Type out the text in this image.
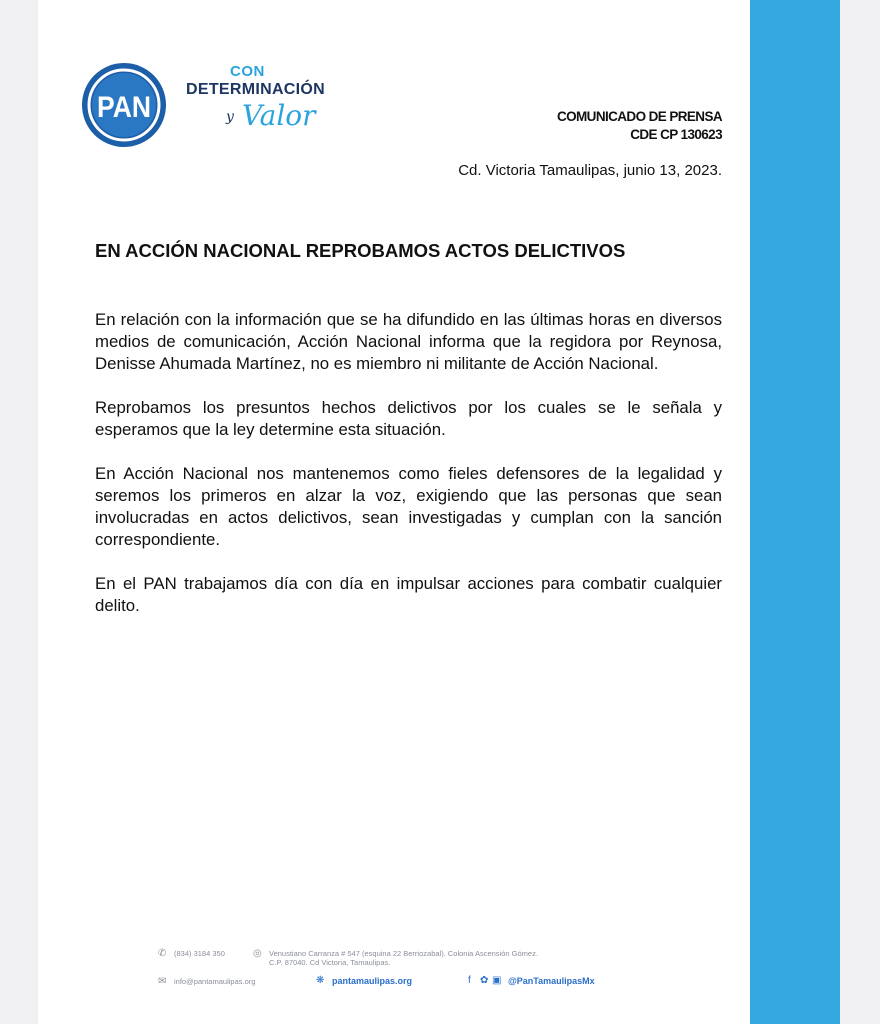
PAN
CON
DETERMINACIÓN
y Valor	COMUNICADO DE PRENSA
CDE CP 130623
Cd. Victoria Tamaulipas, junio 13, 2023.
EN ACCIÓN NACIONAL REPROBAMOS ACTOS DELICTIVOS

En relación con la información que se ha difundido en las últimas horas en diversos medios de comunicación, Acción Nacional informa que la regidora por Reynosa, Denisse Ahumada Martínez, no es miembro ni militante de Acción Nacional.

Reprobamos los presuntos hechos delictivos por los cuales se le señala y esperamos que la ley determine esta situación.

En Acción Nacional nos mantenemos como fieles defensores de la legalidad y seremos los primeros en alzar la voz, exigiendo que las personas que sean involucradas en actos delictivos, sean investigadas y cumplan con la sanción correspondiente.

En el PAN trabajamos día con día en impulsar acciones para combatir cualquier delito.

✆ (834) 3184 350	◎ Venustiano Carranza # 547 (esquina 22 Berriozabal). Colonia Ascensión Gómez.
C.P. 87040. Cd Victoria, Tamaulipas.
✉ info@pantamaulipas.org	❋ pantamaulipas.org	f ✿ ▣ @PanTamaulipasMx
